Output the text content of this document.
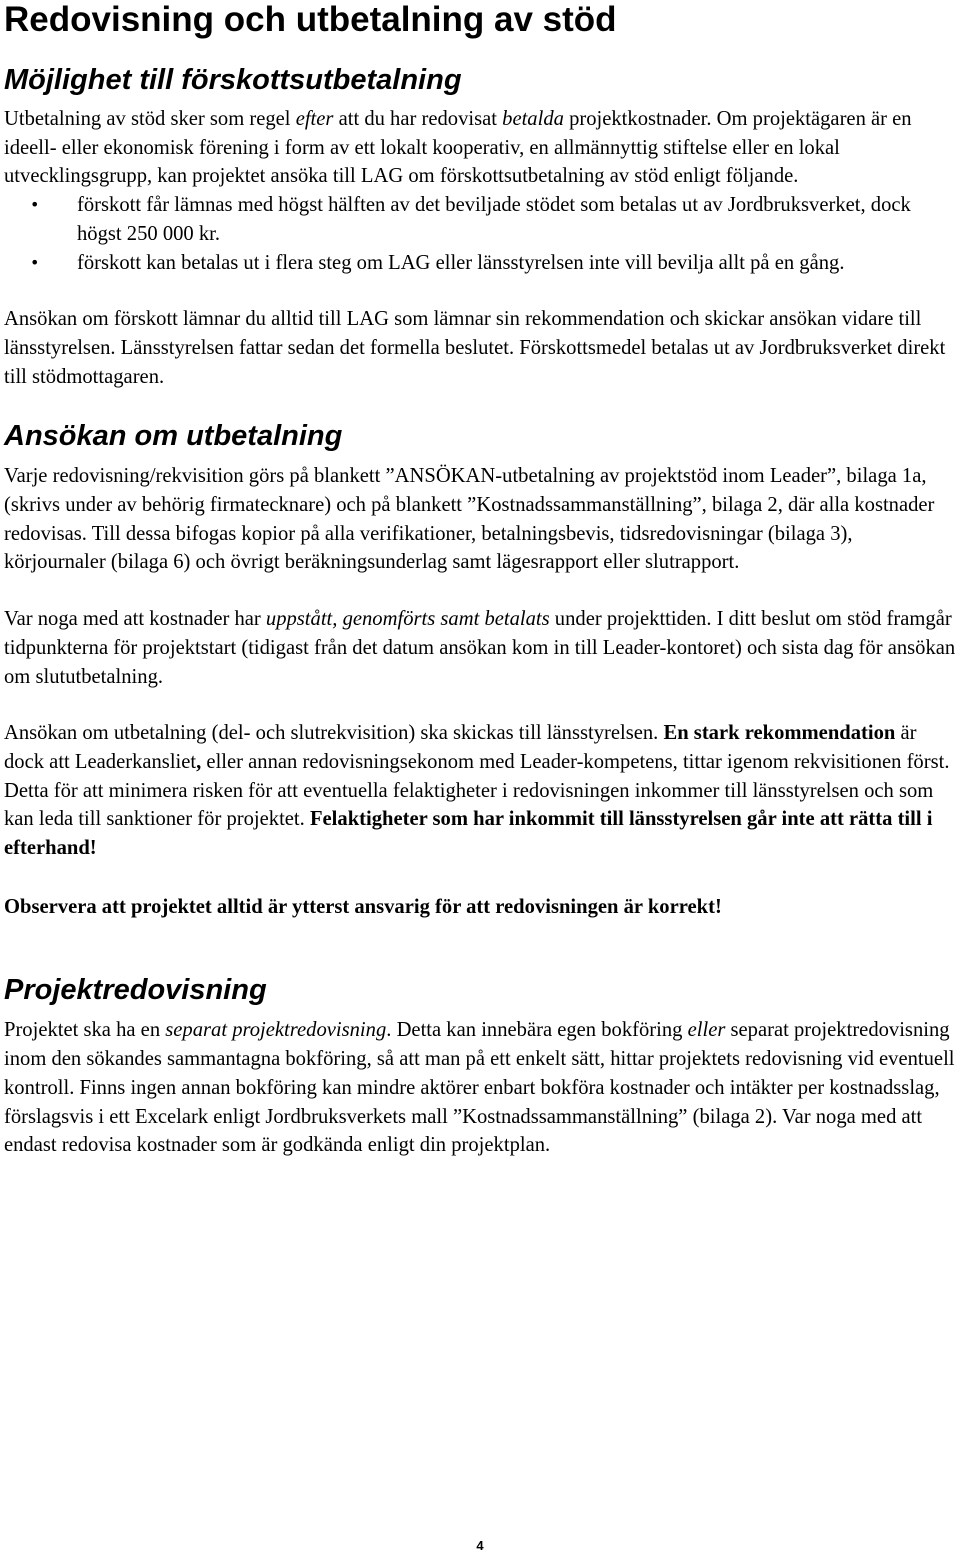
Redovisning och utbetalning av stöd
Möjlighet till förskottsutbetalning

Utbetalning av stöd sker som regel efter att du har redovisat betalda projektkostnader. Om projektägaren är en ideell- eller ekonomisk förening i form av ett lokalt kooperativ, en allmännyttig stiftelse eller en lokal utvecklingsgrupp, kan projektet ansöka till LAG om förskottsutbetalning av stöd enligt följande.

• förskott får lämnas med högst hälften av det beviljade stödet som betalas ut av Jordbruksverket, dock högst 250 000 kr.
• förskott kan betalas ut i flera steg om LAG eller länsstyrelsen inte vill bevilja allt på en gång.

Ansökan om förskott lämnar du alltid till LAG som lämnar sin rekommendation och skickar ansökan vidare till länsstyrelsen. Länsstyrelsen fattar sedan det formella beslutet. Förskottsmedel betalas ut av Jordbruksverket direkt till stödmottagaren.

Ansökan om utbetalning

Varje redovisning/rekvisition görs på blankett ”ANSÖKAN-utbetalning av projektstöd inom Leader”, bilaga 1a, (skrivs under av behörig firmatecknare) och på blankett ”Kostnadssammanställning”, bilaga 2, där alla kostnader redovisas. Till dessa bifogas kopior på alla verifikationer, betalningsbevis, tidsredovisningar (bilaga 3), körjournaler (bilaga 6) och övrigt beräkningsunderlag samt lägesrapport eller slutrapport.

Var noga med att kostnader har uppstått, genomförts samt betalats under projekttiden. I ditt beslut om stöd framgår tidpunkterna för projektstart (tidigast från det datum ansökan kom in till Leader-kontoret) och sista dag för ansökan om slututbetalning.

Ansökan om utbetalning (del- och slutrekvisition) ska skickas till länsstyrelsen. En stark rekommendation är dock att Leaderkansliet, eller annan redovisningsekonom med Leader-kompetens, tittar igenom rekvisitionen först. Detta för att minimera risken för att eventuella felaktigheter i redovisningen inkommer till länsstyrelsen och som kan leda till sanktioner för projektet. Felaktigheter som har inkommit till länsstyrelsen går inte att rätta till i efterhand!

Observera att projektet alltid är ytterst ansvarig för att redovisningen är korrekt!

Projektredovisning

Projektet ska ha en separat projektredovisning. Detta kan innebära egen bokföring eller separat projektredovisning inom den sökandes sammantagna bokföring, så att man på ett enkelt sätt, hittar projektets redovisning vid eventuell kontroll. Finns ingen annan bokföring kan mindre aktörer enbart bokföra kostnader och intäkter per kostnadsslag, förslagsvis i ett Excelark enligt Jordbruksverkets mall ”Kostnadssammanställning” (bilaga 2). Var noga med att endast redovisa kostnader som är godkända enligt din projektplan.

4
